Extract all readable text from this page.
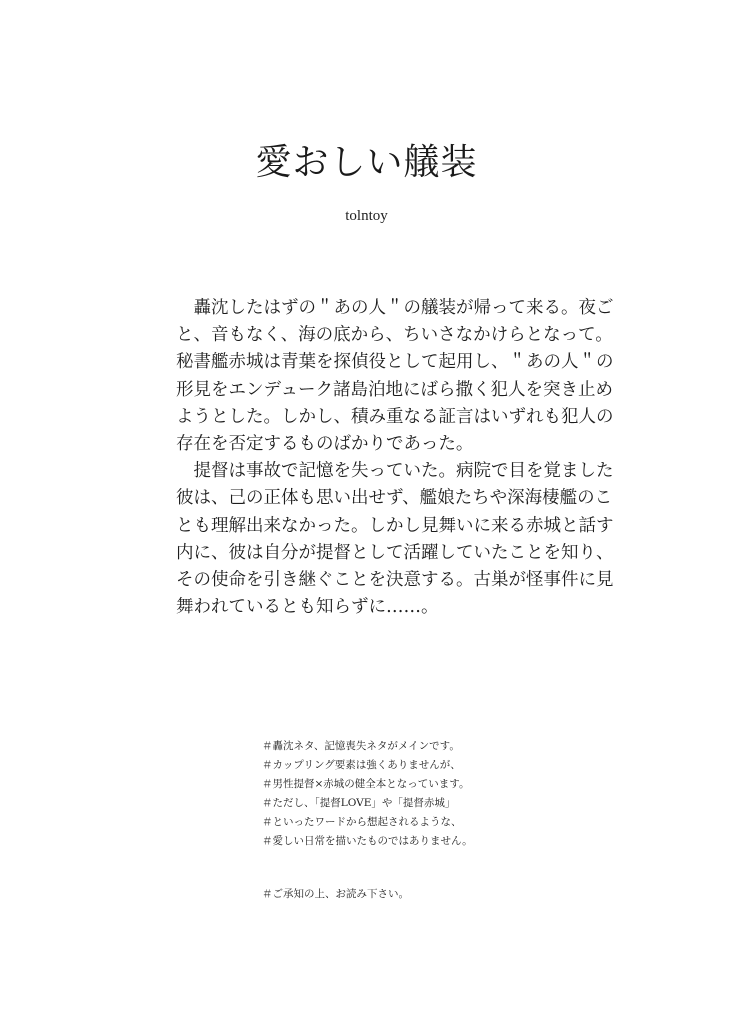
愛おしい艤装
tolntoy

轟沈したはずの＂あの人＂の艤装が帰って来る。夜ご
と、音もなく、海の底から、ちいさなかけらとなって。
秘書艦赤城は青葉を探偵役として起用し、＂あの人＂の
形見をエンデューク諸島泊地にばら撒く犯人を突き止め
ようとした。しかし、積み重なる証言はいずれも犯人の
存在を否定するものばかりであった。

提督は事故で記憶を失っていた。病院で目を覚ました
彼は、己の正体も思い出せず、艦娘たちや深海棲艦のこ
とも理解出来なかった。しかし見舞いに来る赤城と話す
内に、彼は自分が提督として活躍していたことを知り、
その使命を引き継ぐことを決意する。古巣が怪事件に見
舞われているとも知らずに……。

＃轟沈ネタ、記憶喪失ネタがメインです。
＃カップリング要素は強くありませんが、
＃男性提督×赤城の健全本となっています。
＃ただし、「提督LOVE」や「提督赤城」
＃といったワードから想起されるような、
＃愛しい日常を描いたものではありません。
＃ご承知の上、お読み下さい。
